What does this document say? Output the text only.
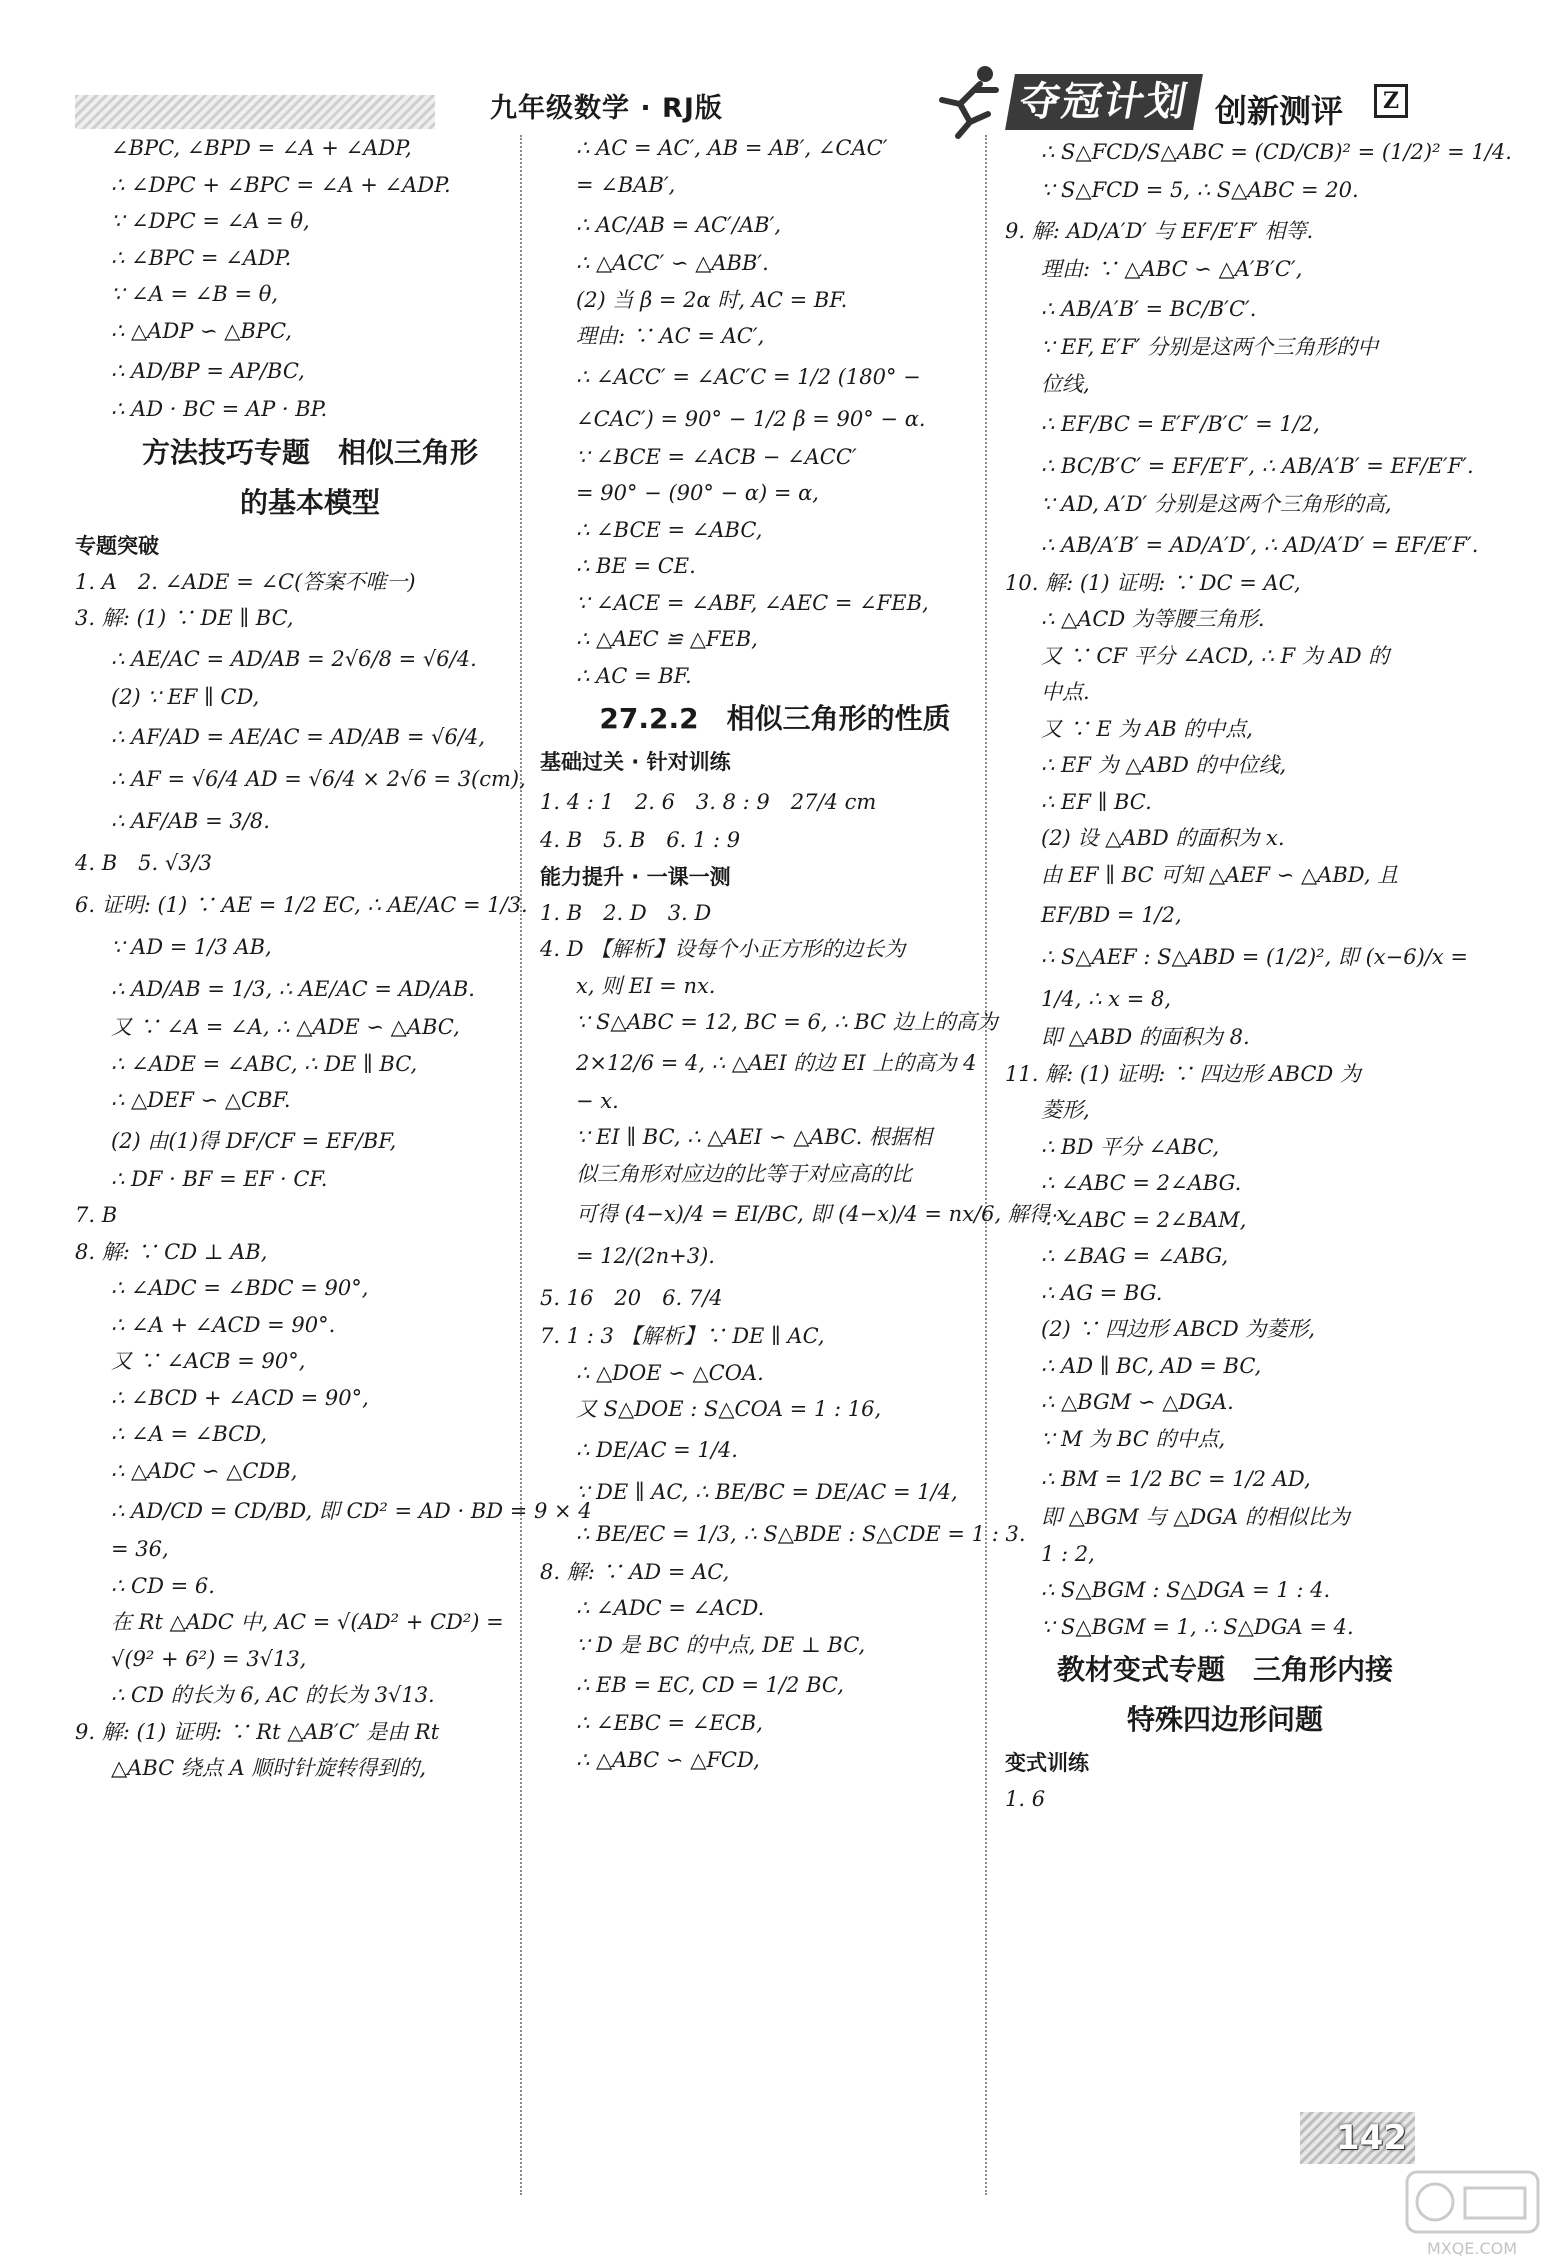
九年级数学 · RJ版	夺冠计划 创新测评	Z
∠BPC, ∠BPD = ∠A + ∠ADP,
∴ ∠DPC + ∠BPC = ∠A + ∠ADP.
∵ ∠DPC = ∠A = θ,
∴ ∠BPC = ∠ADP.
∵ ∠A = ∠B = θ,
∴ △ADP ∽ △BPC,
∴ AD/BP = AP/BC,
∴ AD · BC = AP · BP.
方法技巧专题　相似三角形
的基本模型
专题突破
1. A　2. ∠ADE = ∠C(答案不唯一)
3. 解: (1) ∵ DE ∥ BC,
∴ AE/AC = AD/AB = 2√6/8 = √6/4.
(2) ∵ EF ∥ CD,
∴ AF/AD = AE/AC = AD/AB = √6/4,
∴ AF = √6/4 AD = √6/4 × 2√6 = 3(cm),
∴ AF/AB = 3/8.
4. B　5. √3/3
6. 证明: (1) ∵ AE = 1/2 EC, ∴ AE/AC = 1/3.
∵ AD = 1/3 AB,
∴ AD/AB = 1/3, ∴ AE/AC = AD/AB.
又 ∵ ∠A = ∠A, ∴ △ADE ∽ △ABC,
∴ ∠ADE = ∠ABC, ∴ DE ∥ BC,
∴ △DEF ∽ △CBF.
(2) 由(1)得 DF/CF = EF/BF,
∴ DF · BF = EF · CF.
7. B
8. 解: ∵ CD ⊥ AB,
∴ ∠ADC = ∠BDC = 90°,
∴ ∠A + ∠ACD = 90°.
又 ∵ ∠ACB = 90°,
∴ ∠BCD + ∠ACD = 90°,
∴ ∠A = ∠BCD,
∴ △ADC ∽ △CDB,
∴ AD/CD = CD/BD, 即 CD² = AD · BD = 9 × 4
= 36,
∴ CD = 6.
在 Rt △ADC 中, AC = √(AD² + CD²) =
√(9² + 6²) = 3√13,
∴ CD 的长为 6, AC 的长为 3√13.
9. 解: (1) 证明: ∵ Rt △AB′C′ 是由 Rt
△ABC 绕点 A 顺时针旋转得到的,
∴ AC = AC′, AB = AB′, ∠CAC′
= ∠BAB′,
∴ AC/AB = AC′/AB′,
∴ △ACC′ ∽ △ABB′.
(2) 当 β = 2α 时, AC = BF.
理由: ∵ AC = AC′,
∴ ∠ACC′ = ∠AC′C = 1/2 (180° −
∠CAC′) = 90° − 1/2 β = 90° − α.
∵ ∠BCE = ∠ACB − ∠ACC′
= 90° − (90° − α) = α,
∴ ∠BCE = ∠ABC,
∴ BE = CE.
∵ ∠ACE = ∠ABF, ∠AEC = ∠FEB,
∴ △AEC ≌ △FEB,
∴ AC = BF.
27.2.2　相似三角形的性质
基础过关 · 针对训练
1. 4 : 1　2. 6　3. 8 : 9　27/4 cm
4. B　5. B　6. 1 : 9
能力提升 · 一课一测
1. B　2. D　3. D
4. D 【解析】设每个小正方形的边长为
x, 则 EI = nx.
∵ S△ABC = 12, BC = 6, ∴ BC 边上的高为
2×12/6 = 4, ∴ △AEI 的边 EI 上的高为 4
− x.
∵ EI ∥ BC, ∴ △AEI ∽ △ABC. 根据相
似三角形对应边的比等于对应高的比
可得 (4−x)/4 = EI/BC, 即 (4−x)/4 = nx/6, 解得 x
= 12/(2n+3).
5. 16　20　6. 7/4
7. 1 : 3 【解析】∵ DE ∥ AC,
∴ △DOE ∽ △COA.
又 S△DOE : S△COA = 1 : 16,
∴ DE/AC = 1/4.
∵ DE ∥ AC, ∴ BE/BC = DE/AC = 1/4,
∴ BE/EC = 1/3, ∴ S△BDE : S△CDE = 1 : 3.
8. 解: ∵ AD = AC,
∴ ∠ADC = ∠ACD.
∵ D 是 BC 的中点, DE ⊥ BC,
∴ EB = EC, CD = 1/2 BC,
∴ ∠EBC = ∠ECB,
∴ △ABC ∽ △FCD,
∴ S△FCD/S△ABC = (CD/CB)² = (1/2)² = 1/4.
∵ S△FCD = 5, ∴ S△ABC = 20.
9. 解: AD/A′D′ 与 EF/E′F′ 相等.
理由: ∵ △ABC ∽ △A′B′C′,
∴ AB/A′B′ = BC/B′C′.
∵ EF, E′F′ 分别是这两个三角形的中
位线,
∴ EF/BC = E′F′/B′C′ = 1/2,
∴ BC/B′C′ = EF/E′F′, ∴ AB/A′B′ = EF/E′F′.
∵ AD, A′D′ 分别是这两个三角形的高,
∴ AB/A′B′ = AD/A′D′, ∴ AD/A′D′ = EF/E′F′.
10. 解: (1) 证明: ∵ DC = AC,
∴ △ACD 为等腰三角形.
又 ∵ CF 平分 ∠ACD, ∴ F 为 AD 的
中点.
又 ∵ E 为 AB 的中点,
∴ EF 为 △ABD 的中位线,
∴ EF ∥ BC.
(2) 设 △ABD 的面积为 x.
由 EF ∥ BC 可知 △AEF ∽ △ABD, 且
EF/BD = 1/2,
∴ S△AEF : S△ABD = (1/2)², 即 (x−6)/x =
1/4, ∴ x = 8,
即 △ABD 的面积为 8.
11. 解: (1) 证明: ∵ 四边形 ABCD 为
菱形,
∴ BD 平分 ∠ABC,
∴ ∠ABC = 2∠ABG.
∵ ∠ABC = 2∠BAM,
∴ ∠BAG = ∠ABG,
∴ AG = BG.
(2) ∵ 四边形 ABCD 为菱形,
∴ AD ∥ BC, AD = BC,
∴ △BGM ∽ △DGA.
∵ M 为 BC 的中点,
∴ BM = 1/2 BC = 1/2 AD,
即 △BGM 与 △DGA 的相似比为
1 : 2,
∴ S△BGM : S△DGA = 1 : 4.
∵ S△BGM = 1, ∴ S△DGA = 4.
教材变式专题　三角形内接
特殊四边形问题
变式训练
1. 6
142
MXQE.COM
